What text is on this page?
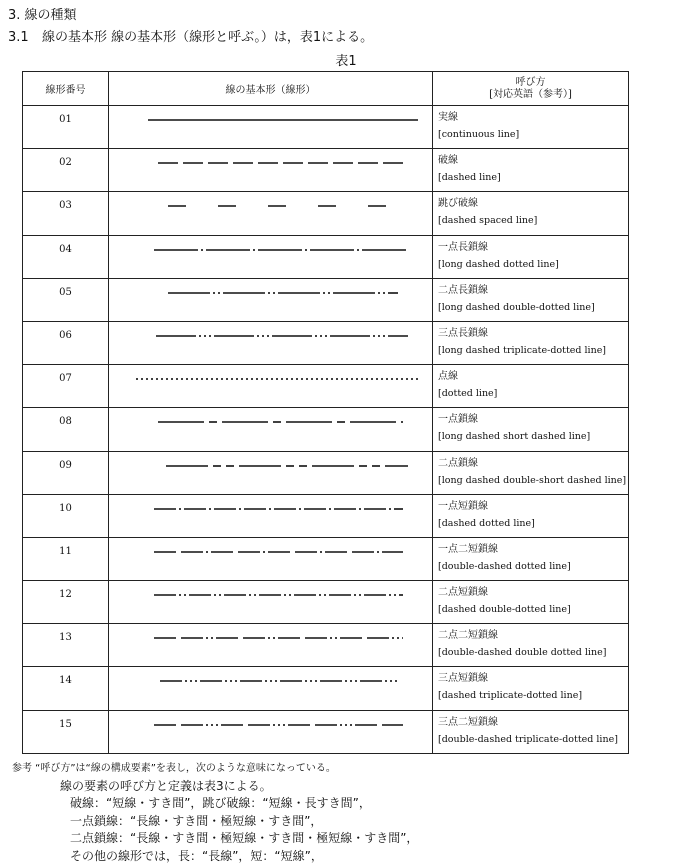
3. 線の種類
3.1 線の基本形 線の基本形（線形と呼ぶ。）は，表1による。
表1
線形番号	線の基本形（線形）	呼び方
[対応英語（参考）]
01		実線
[continuous line]

02		破線
[dashed line]

03		跳び破線
[dashed spaced line]

04		一点長鎖線
[long dashed dotted line]

05		二点長鎖線
[long dashed double-dotted line]

06		三点長鎖線
[long dashed triplicate-dotted line]

07		点線
[dotted line]

08		一点鎖線
[long dashed short dashed line]

09		二点鎖線
[long dashed double-short dashed line]

10		一点短鎖線
[dashed dotted line]

11		一点二短鎖線
[double-dashed dotted line]

12		二点短鎖線
[dashed double-dotted line]

13		二点二短鎖線
[double-dashed double dotted line]

14		三点短鎖線
[dashed triplicate-dotted line]

15		三点二短鎖線
[double-dashed triplicate-dotted line]
参考 “呼び方”は“線の構成要素”を表し，次のような意味になっている。
線の要素の呼び方と定義は表3による。
破線：“短線・すき間”，跳び破線：“短線・長すき間”，
一点鎖線：“長線・すき間・極短線・すき間”，
二点鎖線：“長線・すき間・極短線・すき間・極短線・すき間”，
その他の線形では，長：“長線”，短：“短線”，
